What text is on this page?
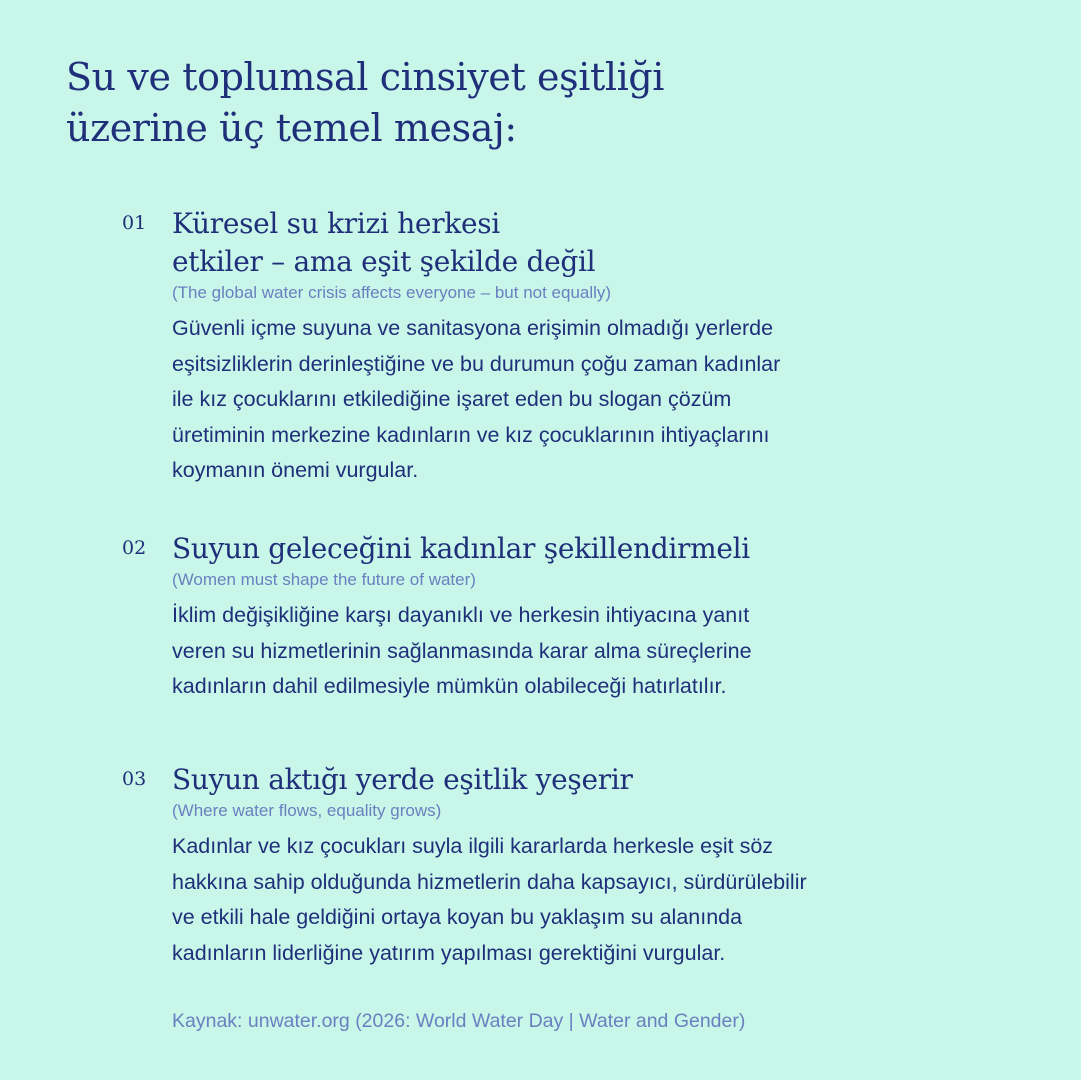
Su ve toplumsal cinsiyet eşitliği
üzerine üç temel mesaj:
01 Küresel su krizi herkesi
etkiler – ama eşit şekilde değil
(The global water crisis affects everyone – but not equally)
Güvenli içme suyuna ve sanitasyona erişimin olmadığı yerlerde
eşitsizliklerin derinleştiğine ve bu durumun çoğu zaman kadınlar
ile kız çocuklarını etkilediğine işaret eden bu slogan çözüm
üretiminin merkezine kadınların ve kız çocuklarının ihtiyaçlarını
koymanın önemi vurgular.
02 Suyun geleceğini kadınlar şekillendirmeli
(Women must shape the future of water)
İklim değişikliğine karşı dayanıklı ve herkesin ihtiyacına yanıt
veren su hizmetlerinin sağlanmasında karar alma süreçlerine
kadınların dahil edilmesiyle mümkün olabileceği hatırlatılır.
03 Suyun aktığı yerde eşitlik yeşerir
(Where water flows, equality grows)
Kadınlar ve kız çocukları suyla ilgili kararlarda herkesle eşit söz
hakkına sahip olduğunda hizmetlerin daha kapsayıcı, sürdürülebilir
ve etkili hale geldiğini ortaya koyan bu yaklaşım su alanında
kadınların liderliğine yatırım yapılması gerektiğini vurgular.
Kaynak: unwater.org (2026: World Water Day | Water and Gender)
